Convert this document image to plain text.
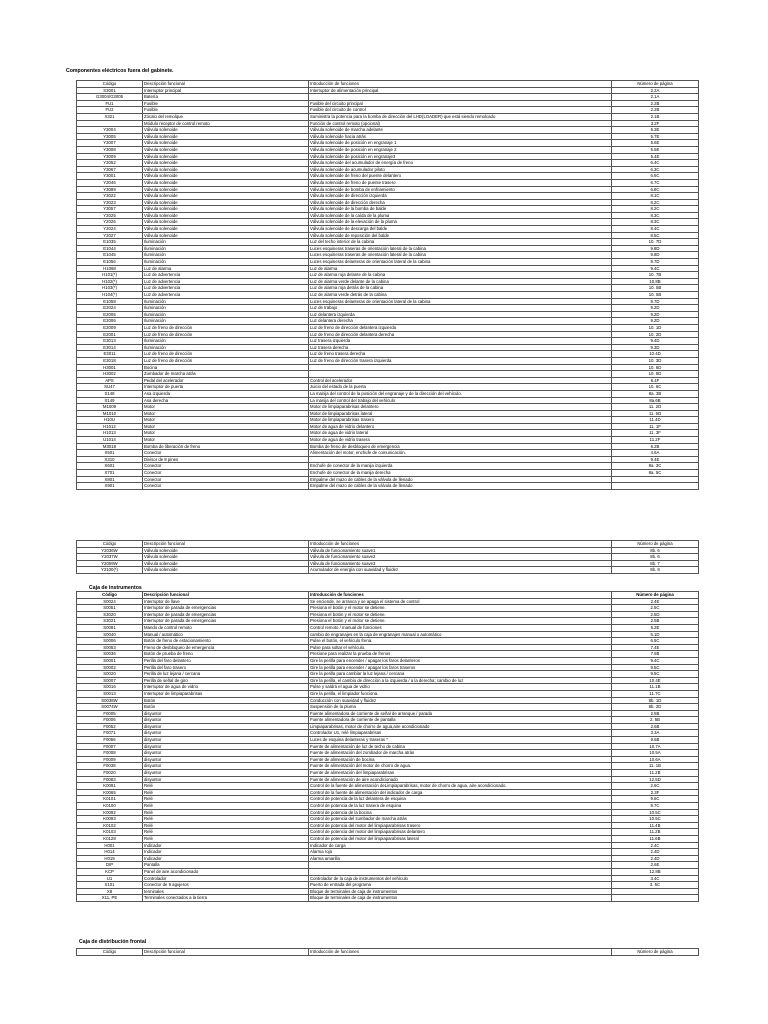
Componentes eléctricos fuera del gabinete.
Código	Descripción funcional	Introducción de funciones	Número de página
S3001	Interruptor principal	Interruptor de alimentación principal	2.2A
G3004/G3005	Batería		2.1A
FU1	Fusible	Fusible del circuito principal	2.2B
FU2	Fusible	Fusible del circuito de control	2.2B
X321	Zócalo del remolque	Suministra la potencia para la bomba de dirección del LHD(LOADER) que está siendo remolcado	2.1B
	Módulo receptor de control remoto	Función de control remoto (opcional)	3.2F
Y3004	Válvula solenoide	Válvula solenoide de marcha adelante	5.3E
Y3005	Válvula solenoide	Válvula solenoide hacia atrás	5.7E
Y3007	Válvula solenoide	Válvula solenoide de posición en engranaje 1	5.6E
Y3008	Válvula solenoide	Válvula solenoide de posición en engranaje 2	5.5E
Y3009	Válvula solenoide	Válvula solenoide de posición en engranaje3	5.4E
Y3052	Válvula solenoide	Válvula solenoide del acumulador de energía de freno	6.4C
Y3067	Válvula solenoide	Válvula solenoide de acumulador piloto	6.3C
Y3001	Válvula solenoide	Válvula solenoide de freno del puente delantero	6.6C
Y3046	Válvula solenoide	Válvula solenoide de freno de puente trasero	6.7C
Y3089	Válvula solenoide	Válvula solenoide de bomba de enfriamiento	6.8C
Y3022	Válvula solenoide	Válvula solenoide de dirección izquierda	8.1C
Y3023	Válvula solenoide	Válvula solenoide de dirección derecha	8.2C
Y3057	Válvula solenoide	Válvula solenoide de la bomba de balde	8.2C
Y2025	Válvula solenoide	Válvula solenoide de la caída de la pluma	8.3C
Y2026	Válvula solenoide	Válvula solenoide de la elevación de la pluma	8.3C
Y2024	Válvula solenoide	Válvula solenoide de descarga del balde	8.4C
Y2027	Válvula solenoide	Válvula solenoide de reposición del balde	8.5C
E1035	Iluminación	Luz del techo interior de la cabina	10. 7D
E1044	Iluminación	Luces esquineras traseras de orientación lateral de la cabina	9.8D
E1045	Iluminación	Luces esquineras traseras de orientación lateral de la cabina	9.8D
E1056	Iluminación	Luces esquineras delanteras de orientación lateral de la cabina	9.7D
H1068	Luz de alarma	Luz de alarma	9.4C
H101(*)	Luz de advertencia	Luz de alarma roja delante de la cabina	10. 7B
H102(*)	Luz de advertencia	Luz de alarma verde delante de la cabina	10.8B
H103(*)	Luz de advertencia	Luz de alarma roja detrás de la cabina	10. 5B
H104(*)	Luz de advertencia	Luz de alarma verde detrás de la cabina	10. 5B
E1058	Iluminación	Luces esquineras delanteras de orientación lateral de la cabina	9.7D
E2024	Iluminación	Luz de trabajo	9.2D
E2005	Iluminación	Luz delantera izquierda	9.2D
E2006	Iluminación	Luz delantera derecha	9.2D
E2009	Luz de freno de dirección	Luz de freno de dirección delantera izquierda	10. 1D
E2001	Luz de freno de dirección	Luz de freno de dirección delantera derecha	10. 2D
E3013	Iluminación	Luz trasera izquierda	9.4D
E3014	Iluminación	Luz trasera derecha	9.3D
E3011	Luz de freno de dirección	Luz de freno trasera derecha	10.4D
E3018	Luz de freno de dirección	Luz de freno de dirección trasera izquierda	10. 3D
H3001	Bocina		10. 6D
H3002	Zumbador de marcha atrás		10. 5D
APS	Pedal del acelerador	Control del acelerador	6.4F
SU47	Interruptor de puerta	Juicio del estado de la puerta	10. 6C
S148	Asa izquierda	La manija del control de la posición del engranaje y de la dirección del vehículo.	8a. 3B
S149	Asa derecha	La manija del control del trabajo del vehículo	8a.6B
M1009	Motor	Motor de limpiaparabrisas delantero	11. 2D
M1010	Motor	Motor de limpiaparabrisas lateral	11. 6D
H10U	Motor	Motor de limpiaparabrisas trasero	11.4D
H1012	Motor	Motor de agua de vidrio delantero	11. 1F
H1013	Motor	Motor de agua de vidrio lateral	11. 3F
U1014	Motor	Motor de agua de vidrio trasera	11.2F
M3018	Bomba de liberación de freno	Bomba de freno de desbloqueo de emergencia	6.2B
X501	Conector	Alimentación del motor, enchufe de comunicación.	4.6A
X310	Divisor de 8 pines		9.4E
X601	Conector	Enchufe de conector de la manija izquierda	8a. 3C
X701	Conector	Enchufe de conector de la manija derecha	8a. 5C
X801	Conector	Empalme del mazo de cables de la válvula de llenado	
X901	Conector	Empalme del mazo de cables de la válvula de llenado	
Código	Descripción funcional	Introducción de funciones	Número de página
Y2036W	Válvula solenoide	Válvula de funcionamiento suave1	8b. 6
Y2037W	Válvula solenoide	Válvula de funcionamiento suave2	8b. 6
Y2059W	Válvula solenoide	Válvula de funcionamiento suave3	8b. 7
Y2100(*)	Válvula solenoide	Acumulador de energía con suavidad y fluidez	8b. 8
Caja de instrumentos
Código	Descripción funcional	Introducción de funciones	Número de página
S0024	Interruptor de llave	Se enciende, se arranca y se apaga el sistema de control	2.4E
S0051	Interruptor de parada de emergencias	Presiona el botón y el motor se detiene.	2.5C
S3020	Interruptor de parada de emergencias	Presiona el botón y el motor se detiene.	2.5D
S3021	Interruptor de parada de emergencias	Presiona el botón y el motor se detiene.	2.5B
S0081	Mando de control remoto	Control remoto / manual de funciones	5.2E
S0040	Manual / automático	cambio de engranajes en la caja de engranajes manual o automático	5.1D
S0006	Botón de freno de estacionamiento	Pulse el botón, el vehículo frena.	6.5C
S0053	Freno de desbloqueo de emergencia	Pulse para soltar el vehículo.	7.4E
S0036	Botón de prueba de freno	Presione para realizar la prueba de frenos	7.5B
S0001	Perilla del faro delantero	Gire la perilla para encender / apagar los faros delanteros	9.4C
S0002	Perilla del faro trasero	Gire la perilla para encender / apagar los faros traseros	9.5C
S0020	Perilla de luz lejana / cercana	Gire la perilla para cambiar la luz lejana / cercana	9.5C
S0007	Perilla de señal de giro	Gire la perilla, el cambio de dirección a la izquierda / a la derecha; cambio de luz	10.4E
S0016	Interruptor de agua de vidrio	Pulse y saldrá el agua de vidrio	11.1B
S0013	Interruptor de limpiaparabrisas	Gire la perilla, el limpiador funciona.	11.7C
S0038W	Botón	Conducción con suavidad y fluidez	8b. 1D
S0074W	Botón	Suspensión de la pluma	8b. 2D
F0005	disyuntor	Fuente alimentadora de corriente de señal de arranque / parada	2.5B
F0006	disyuntor	Fuente alimentadora de corriente de pantalla	2. 5B
F0052	disyuntor	Limpiaparabrisas, motor de chorro de agua,aire acondicionado	2.6B
F0071	disyuntor	Controlador U1, relé limpiaparabrisas	3.3A
F0056	disyuntor	Luces de esquina delanteras y traseras *	9.6B
F0007	disyuntor	Fuente de alimentación de luz de techo de cabina	10.7A
F0008	disyuntor	Fuente de alimentación del zumbador de marcha atrás	10.5A
F0009	disyuntor	Fuente de alimentación de bocina	10.6A
F0038	disyuntor	Fuente de alimentación del motor de chorro de agua.	11. 1B
F0020	disyuntor	Fuente de alimentación del limpiaparabrisas	11.2B
F0083	disyuntor	Fuente de alimentación de aire acondicionado	12.5D
K0091	Relé	Control de la fuente de alimentación deLimpiaparabrisas, motor de chorro de agua, aire acondicionado.	2.6C
K0065	Relé	Control de la fuente de alimentación del indicador de carga	2.3F
K0101	Relé	Control de potencia de la luz delantera de esquina	9.6C
K0100	Relé	Control de potencia de la luz trasera de esquina	9.7C
K0092	Relé	Control de potencia de la bocina	10.5C
K0093	Relé	Control de potencia del zumbador de marcha atrás	10.5C
K0102	Relé	Control de potencia del motor del limpiaparabrisas trasero	11.4B
K0103	Relé	Control de potencia del motor del limpiaparabrisas delantero	11.2B
K0128	Relé	Control de potencia del motor del limpiaparabrisas lateral	11.6B
H001	Indicador	Indicador de carga	2.4C
H014	Indicador	Alarma roja	2.4D
H019	Indicador	Alarma amarilla	2.4D
DIP	Pantalla		2.6E
KCP	Panel de aire acondicionado		12.8B
U1	Controlador	Controlador de la caja de instrumentos del vehículo	3.4C
X101	Conector de 9 agujeros	Puerto de entrada del programa	3. 5C
X8	terminales	Bloque de terminales de caja de instrumentos	
X11, PE	Terminales conectados a la tierra	Bloque de terminales de caja de instrumentos	
Caja de distribución frontal
Código	Descripción funcional	Introducción de funciones	Número de página
